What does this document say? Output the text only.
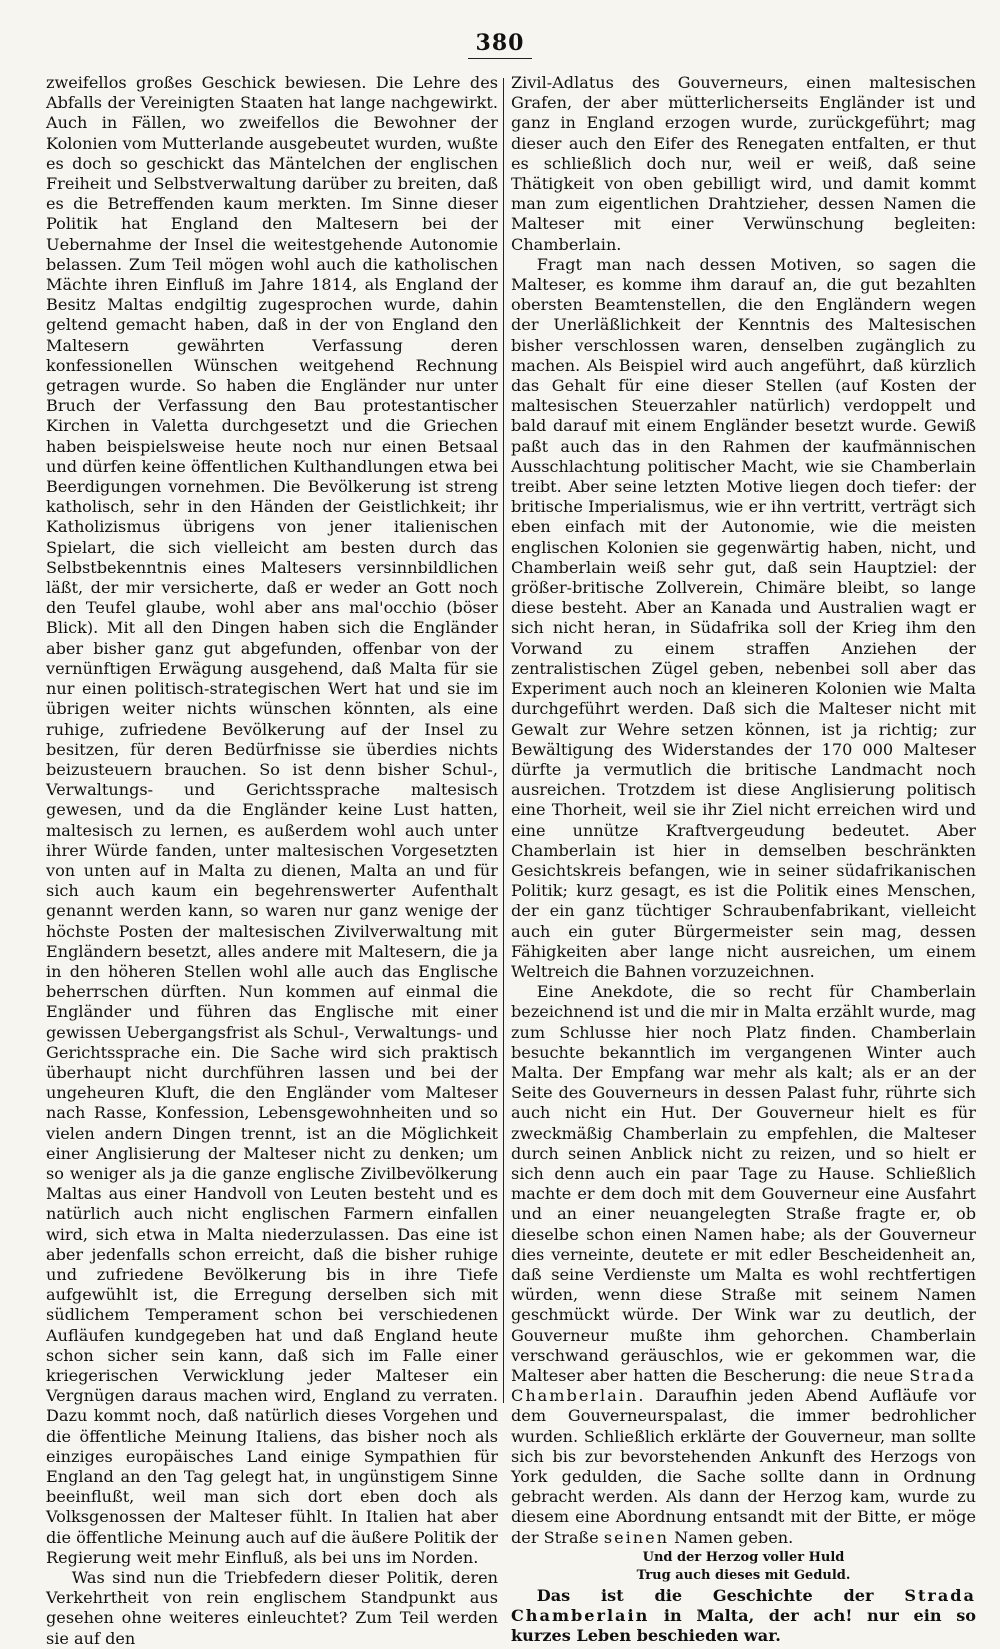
380

zweifellos großes Geschick bewiesen. Die Lehre des Abfalls der Vereinigten Staaten hat lange nachgewirkt. Auch in Fällen, wo zweifellos die Bewohner der Kolonien vom Mutterlande ausgebeutet wurden, wußte es doch so geschickt das Mäntelchen der englischen Freiheit und Selbstverwaltung darüber zu breiten, daß es die Betreffenden kaum merkten. Im Sinne dieser Politik hat England den Maltesern bei der Uebernahme der Insel die weitestgehende Autonomie belassen. Zum Teil mögen wohl auch die katholischen Mächte ihren Einfluß im Jahre 1814, als England der Besitz Maltas endgiltig zugesprochen wurde, dahin geltend gemacht haben, daß in der von England den Maltesern gewährten Verfassung deren konfessionellen Wünschen weitgehend Rechnung getragen wurde. So haben die Engländer nur unter Bruch der Verfassung den Bau protestantischer Kirchen in Valetta durchgesetzt und die Griechen haben beispielsweise heute noch nur einen Betsaal und dürfen keine öffentlichen Kulthandlungen etwa bei Beerdigungen vornehmen. Die Bevölkerung ist streng katholisch, sehr in den Händen der Geistlichkeit; ihr Katholizismus übrigens von jener italienischen Spielart, die sich vielleicht am besten durch das Selbstbekenntnis eines Maltesers versinnbildlichen läßt, der mir versicherte, daß er weder an Gott noch den Teufel glaube, wohl aber ans mal'occhio (böser Blick). Mit all den Dingen haben sich die Engländer aber bisher ganz gut abgefunden, offenbar von der vernünftigen Erwägung ausgehend, daß Malta für sie nur einen politisch-strategischen Wert hat und sie im übrigen weiter nichts wünschen könnten, als eine ruhige, zufriedene Bevölkerung auf der Insel zu besitzen, für deren Bedürfnisse sie überdies nichts beizusteuern brauchen. So ist denn bisher Schul-, Verwaltungs- und Gerichtssprache maltesisch gewesen, und da die Engländer keine Lust hatten, maltesisch zu lernen, es außerdem wohl auch unter ihrer Würde fanden, unter maltesischen Vorgesetzten von unten auf in Malta zu dienen, Malta an und für sich auch kaum ein begehrenswerter Aufenthalt genannt werden kann, so waren nur ganz wenige der höchste Posten der maltesischen Zivilverwaltung mit Engländern besetzt, alles andere mit Maltesern, die ja in den höheren Stellen wohl alle auch das Englische beherrschen dürften. Nun kommen auf einmal die Engländer und führen das Englische mit einer gewissen Uebergangsfrist als Schul-, Verwaltungs- und Gerichtssprache ein. Die Sache wird sich praktisch überhaupt nicht durchführen lassen und bei der ungeheuren Kluft, die den Engländer vom Malteser nach Rasse, Konfession, Lebensgewohnheiten und so vielen andern Dingen trennt, ist an die Möglichkeit einer Anglisierung der Malteser nicht zu denken; um so weniger als ja die ganze englische Zivilbevölkerung Maltas aus einer Handvoll von Leuten besteht und es natürlich auch nicht englischen Farmern einfallen wird, sich etwa in Malta niederzulassen. Das eine ist aber jedenfalls schon erreicht, daß die bisher ruhige und zufriedene Bevölkerung bis in ihre Tiefe aufgewühlt ist, die Erregung derselben sich mit südlichem Temperament schon bei verschiedenen Aufläufen kundgegeben hat und daß England heute schon sicher sein kann, daß sich im Falle einer kriegerischen Verwicklung jeder Malteser ein Vergnügen daraus machen wird, England zu verraten. Dazu kommt noch, daß natürlich dieses Vorgehen und die öffentliche Meinung Italiens, das bisher noch als einziges europäisches Land einige Sympathien für England an den Tag gelegt hat, in ungünstigem Sinne beeinflußt, weil man sich dort eben doch als Volksgenossen der Malteser fühlt. In Italien hat aber die öffentliche Meinung auch auf die äußere Politik der Regierung weit mehr Einfluß, als bei uns im Norden.

Was sind nun die Triebfedern dieser Politik, deren Verkehrtheit von rein englischem Standpunkt aus gesehen ohne weiteres einleuchtet? Zum Teil werden sie auf den

Zivil-Adlatus des Gouverneurs, einen maltesischen Grafen, der aber mütterlicherseits Engländer ist und ganz in England erzogen wurde, zurückgeführt; mag dieser auch den Eifer des Renegaten entfalten, er thut es schließlich doch nur, weil er weiß, daß seine Thätigkeit von oben gebilligt wird, und damit kommt man zum eigentlichen Drahtzieher, dessen Namen die Malteser mit einer Verwünschung begleiten: Chamberlain.

Fragt man nach dessen Motiven, so sagen die Malteser, es komme ihm darauf an, die gut bezahlten obersten Beamtenstellen, die den Engländern wegen der Unerläßlichkeit der Kenntnis des Maltesischen bisher verschlossen waren, denselben zugänglich zu machen. Als Beispiel wird auch angeführt, daß kürzlich das Gehalt für eine dieser Stellen (auf Kosten der maltesischen Steuerzahler natürlich) verdoppelt und bald darauf mit einem Engländer besetzt wurde. Gewiß paßt auch das in den Rahmen der kaufmännischen Ausschlachtung politischer Macht, wie sie Chamberlain treibt. Aber seine letzten Motive liegen doch tiefer: der britische Imperialismus, wie er ihn vertritt, verträgt sich eben einfach mit der Autonomie, wie die meisten englischen Kolonien sie gegenwärtig haben, nicht, und Chamberlain weiß sehr gut, daß sein Hauptziel: der größer-britische Zollverein, Chimäre bleibt, so lange diese besteht. Aber an Kanada und Australien wagt er sich nicht heran, in Südafrika soll der Krieg ihm den Vorwand zu einem straffen Anziehen der zentralistischen Zügel geben, nebenbei soll aber das Experiment auch noch an kleineren Kolonien wie Malta durchgeführt werden. Daß sich die Malteser nicht mit Gewalt zur Wehre setzen können, ist ja richtig; zur Bewältigung des Widerstandes der 170 000 Malteser dürfte ja vermutlich die britische Landmacht noch ausreichen. Trotzdem ist diese Anglisierung politisch eine Thorheit, weil sie ihr Ziel nicht erreichen wird und eine unnütze Kraftvergeudung bedeutet. Aber Chamberlain ist hier in demselben beschränkten Gesichtskreis befangen, wie in seiner südafrikanischen Politik; kurz gesagt, es ist die Politik eines Menschen, der ein ganz tüchtiger Schraubenfabrikant, vielleicht auch ein guter Bürgermeister sein mag, dessen Fähigkeiten aber lange nicht ausreichen, um einem Weltreich die Bahnen vorzuzeichnen.

Eine Anekdote, die so recht für Chamberlain bezeichnend ist und die mir in Malta erzählt wurde, mag zum Schlusse hier noch Platz finden. Chamberlain besuchte bekanntlich im vergangenen Winter auch Malta. Der Empfang war mehr als kalt; als er an der Seite des Gouverneurs in dessen Palast fuhr, rührte sich auch nicht ein Hut. Der Gouverneur hielt es für zweckmäßig Chamberlain zu empfehlen, die Malteser durch seinen Anblick nicht zu reizen, und so hielt er sich denn auch ein paar Tage zu Hause. Schließlich machte er dem doch mit dem Gouverneur eine Ausfahrt und an einer neuangelegten Straße fragte er, ob dieselbe schon einen Namen habe; als der Gouverneur dies verneinte, deutete er mit edler Bescheidenheit an, daß seine Verdienste um Malta es wohl rechtfertigen würden, wenn diese Straße mit seinem Namen geschmückt würde. Der Wink war zu deutlich, der Gouverneur mußte ihm gehorchen. Chamberlain verschwand geräuschlos, wie er gekommen war, die Malteser aber hatten die Bescherung: die neue Strada Chamberlain. Daraufhin jeden Abend Aufläufe vor dem Gouverneurspalast, die immer bedrohlicher wurden. Schließlich erklärte der Gouverneur, man sollte sich bis zur bevorstehenden Ankunft des Herzogs von York gedulden, die Sache sollte dann in Ordnung gebracht werden. Als dann der Herzog kam, wurde zu diesem eine Abordnung entsandt mit der Bitte, er möge der Straße seinen Namen geben.

Und der Herzog voller Huld
Trug auch dieses mit Geduld.

Das ist die Geschichte der Strada Chamberlain in Malta, der ach! nur ein so kurzes Leben beschieden war.
